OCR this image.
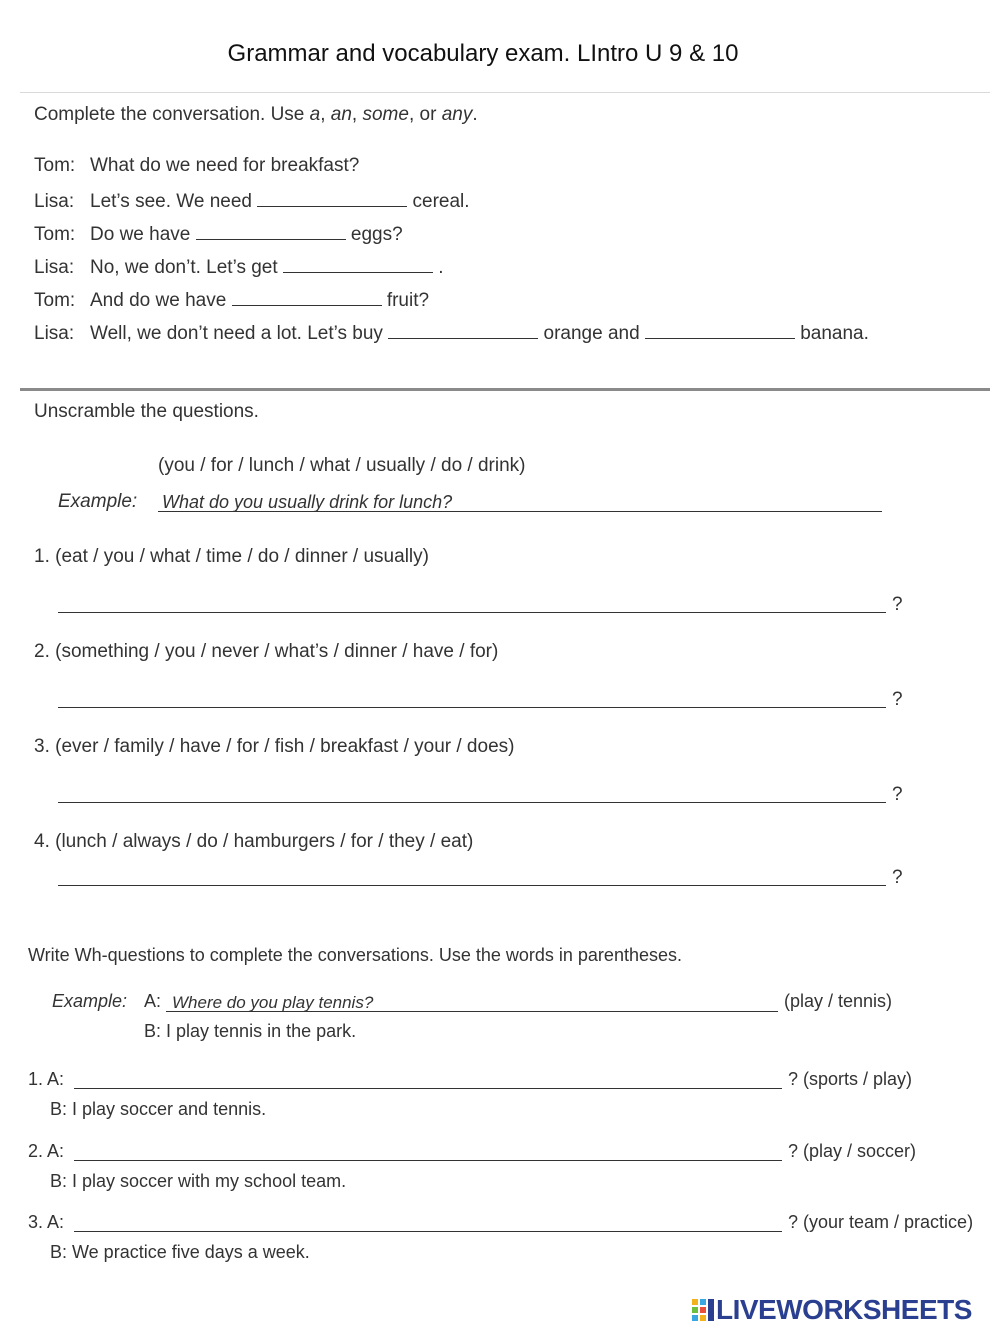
Grammar and vocabulary exam. LIntro U 9 & 10
Complete the conversation. Use a, an, some, or any.
Tom: What do we need for breakfast?
Lisa: Let’s see. We need	cereal.
Tom: Do we have	eggs?
Lisa: No, we don’t. Let’s get	.
Tom: And do we have	fruit?
Lisa: Well, we don’t need a lot. Let’s buy	orange and	banana.
Unscramble the questions.
(you / for / lunch / what / usually / do / drink)
Example: What do you usually drink for lunch?
1. (eat / you / what / time / do / dinner / usually)
?
2. (something / you / never / what’s / dinner / have / for)
?
3. (ever / family / have / for / fish / breakfast / your / does)
?
4. (lunch / always / do / hamburgers / for / they / eat)
?
Write Wh-questions to complete the conversations. Use the words in parentheses.
Example: A: Where do you play tennis?	(play / tennis)
B: I play tennis in the park.
1. A:	? (sports / play)
B: I play soccer and tennis.
2. A:	? (play / soccer)
B: I play soccer with my school team.
3. A:	? (your team / practice)
B: We practice five days a week.
LIVEWORKSHEETS
